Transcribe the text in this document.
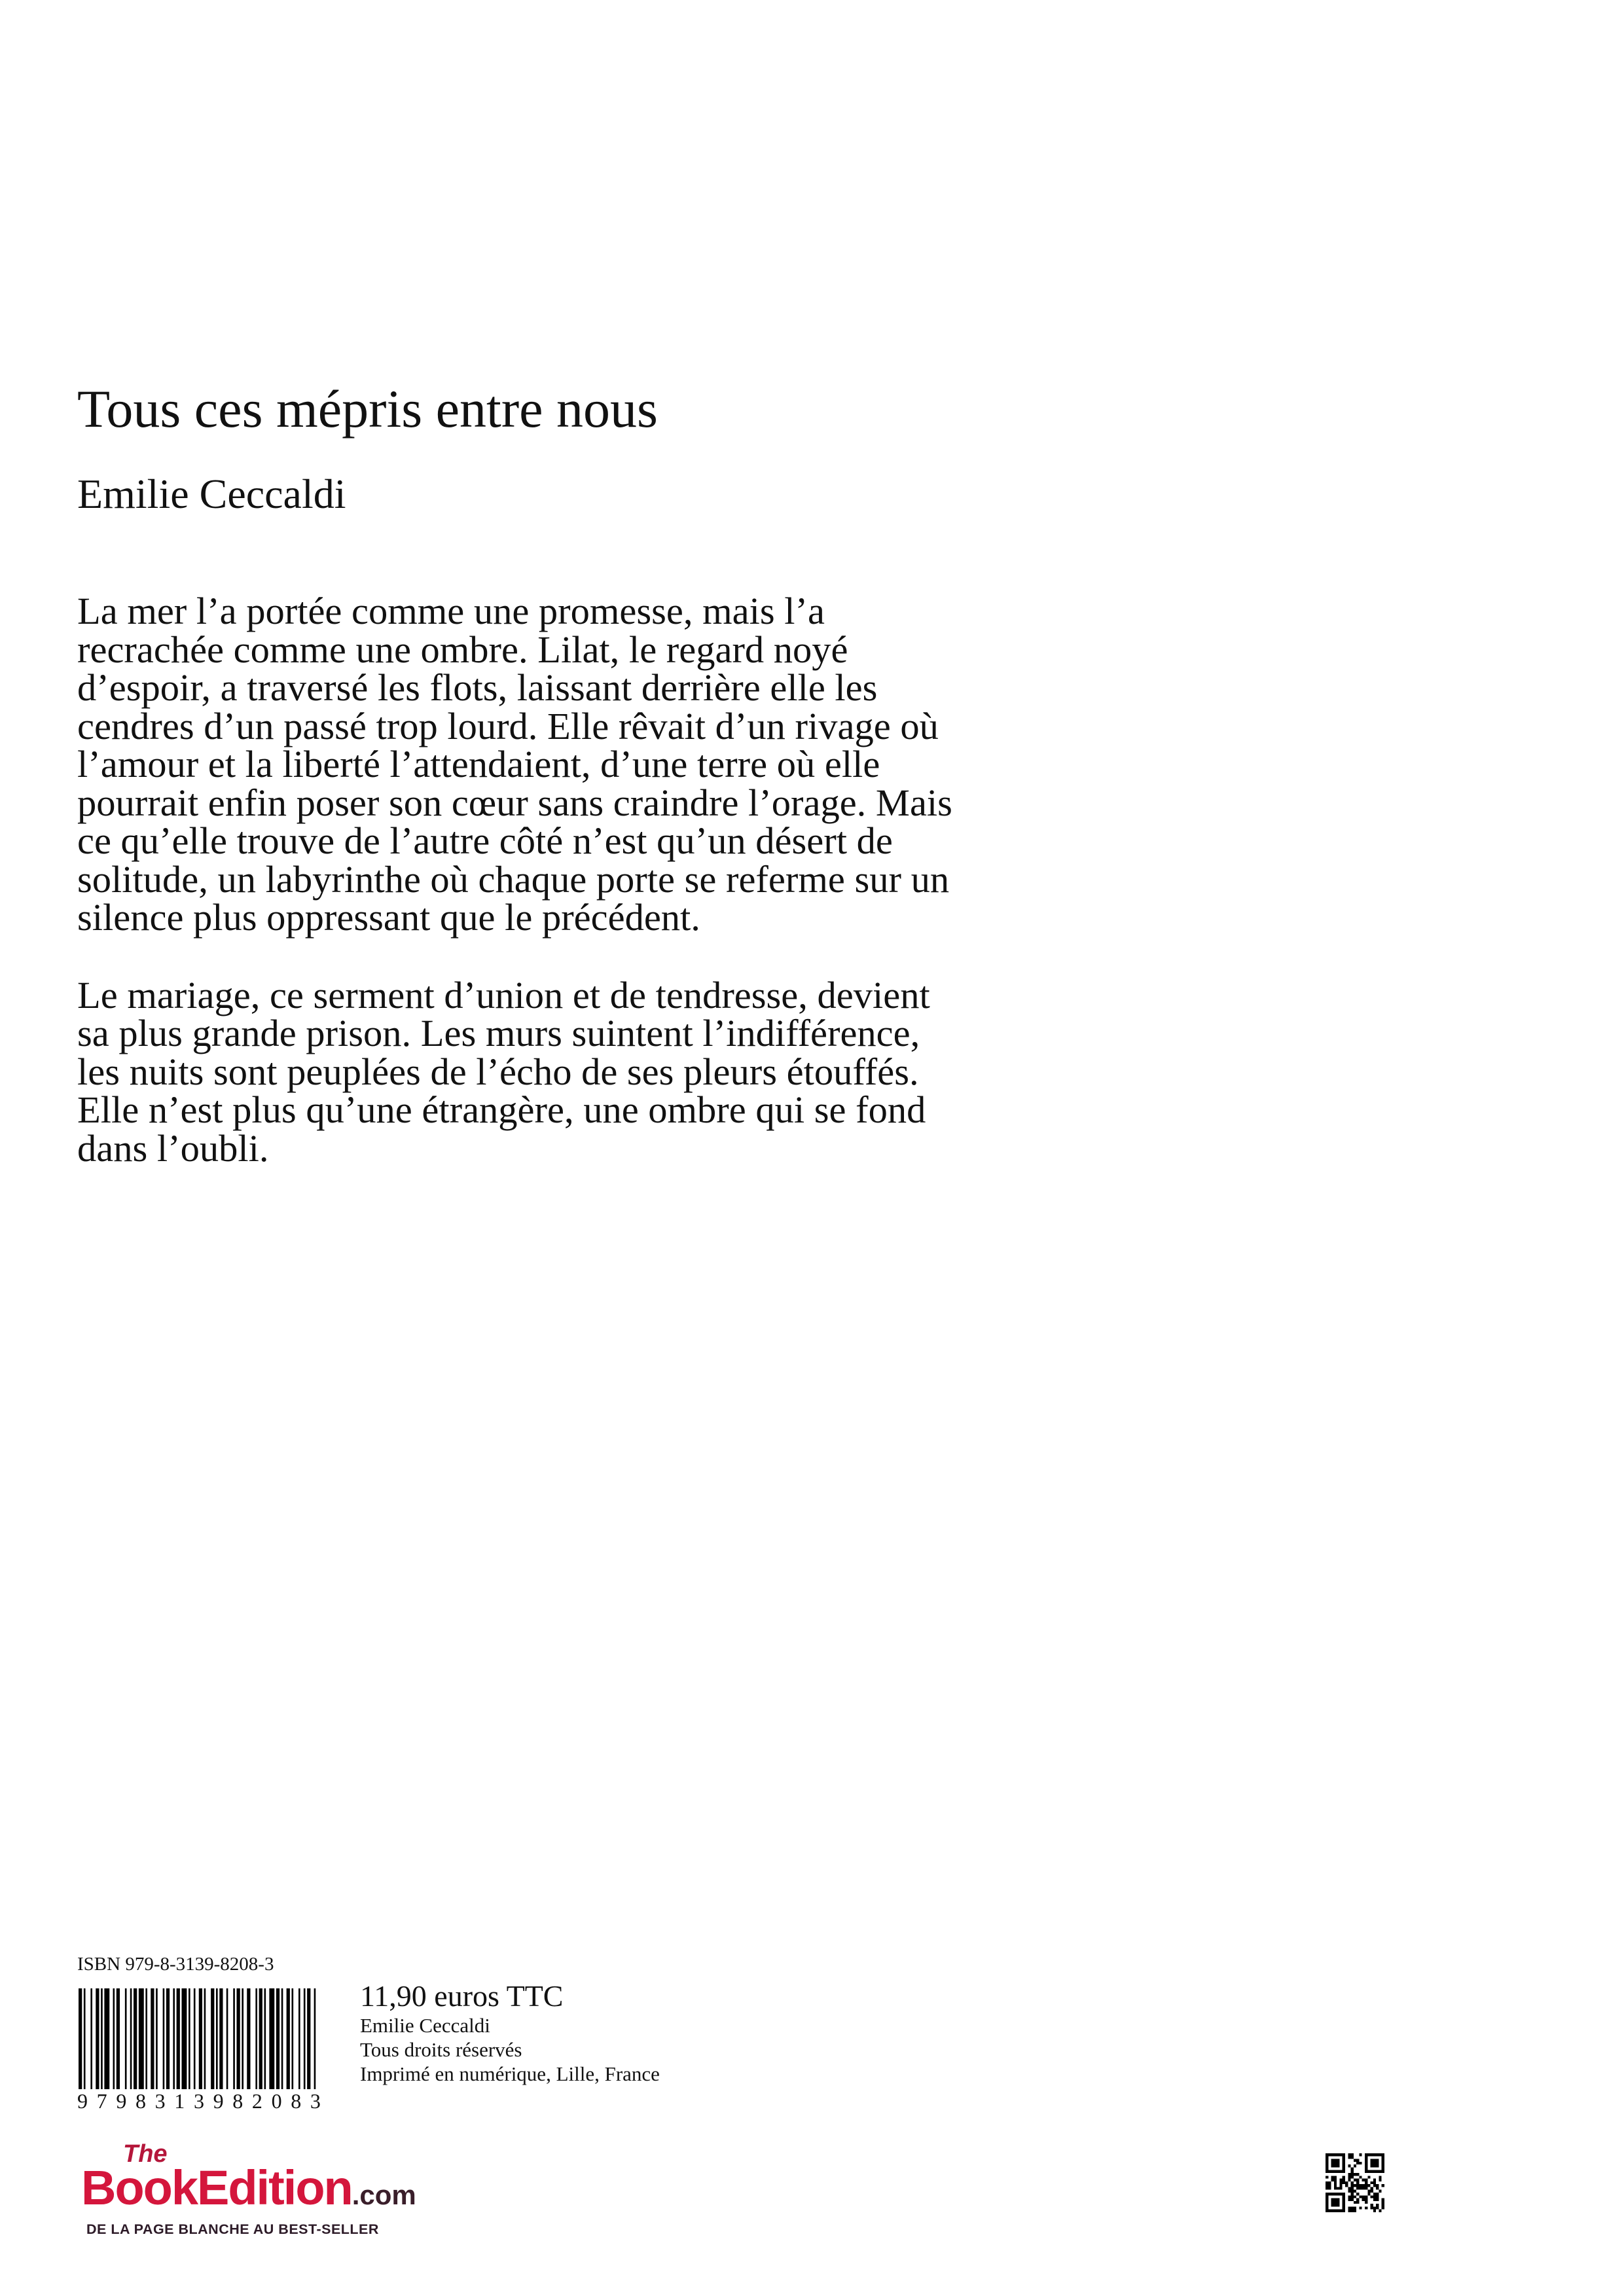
Tous ces mépris entre nous
Emilie Ceccaldi

La mer l’a portée comme une promesse, mais l’a
recrachée comme une ombre. Lilat, le regard noyé
d’espoir, a traversé les flots, laissant derrière elle les
cendres d’un passé trop lourd. Elle rêvait d’un rivage où
l’amour et la liberté l’attendaient, d’une terre où elle
pourrait enfin poser son cœur sans craindre l’orage. Mais
ce qu’elle trouve de l’autre côté n’est qu’un désert de
solitude, un labyrinthe où chaque porte se referme sur un
silence plus oppressant que le précédent.

Le mariage, ce serment d’union et de tendresse, devient
sa plus grande prison. Les murs suintent l’indifférence,
les nuits sont peuplées de l’écho de ses pleurs étouffés.
Elle n’est plus qu’une étrangère, une ombre qui se fond
dans l’oubli.

ISBN 979-8-3139-8208-3
9 7 9 8 3 1 3 9 8 2 0 8 3
11,90 euros TTC
Emilie Ceccaldi
Tous droits réservés
Imprimé en numérique, Lille, France
The
BookEdition.com
DE LA PAGE BLANCHE AU BEST-SELLER
